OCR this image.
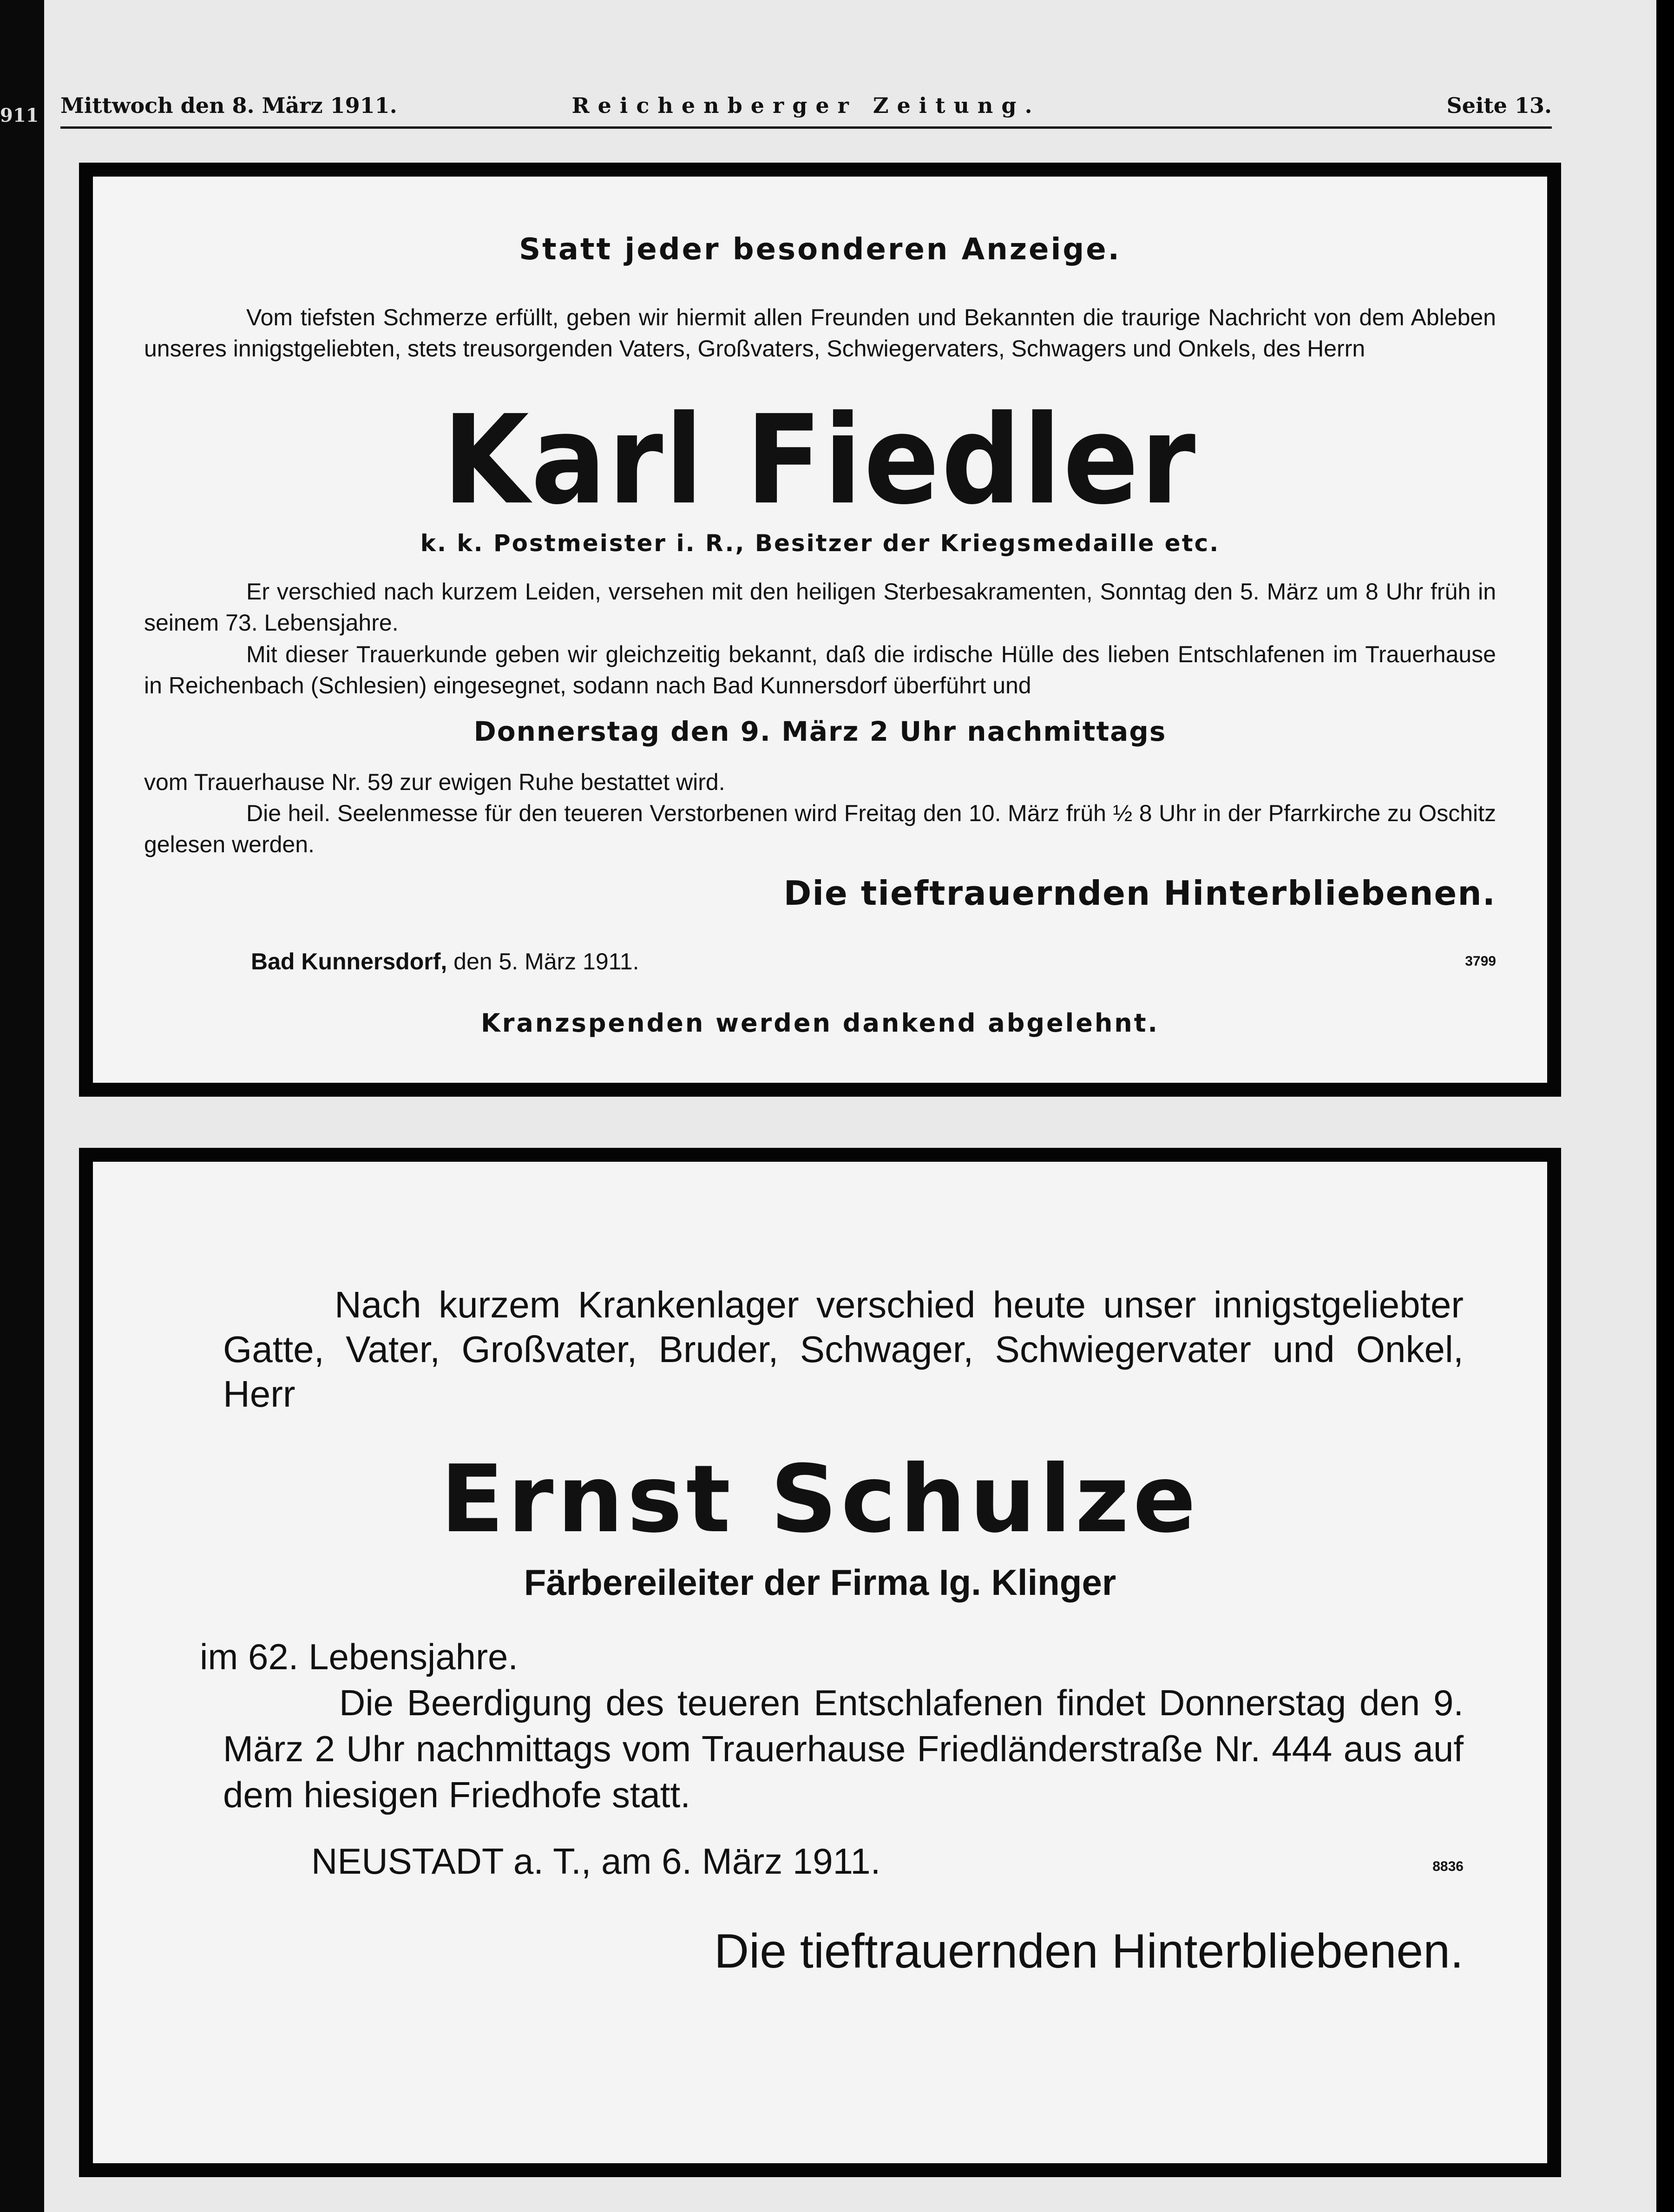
911 Mittwoch den 8. März 1911.	Reichenberger Zeitung.	Seite 13.
Statt jeder besonderen Anzeige.

Vom tiefsten Schmerze erfüllt, geben wir hiermit allen Freunden und Bekannten die traurige Nachricht von dem Ableben unseres innigstgeliebten, stets treusorgenden Vaters, Großvaters, Schwiegervaters, Schwagers und Onkels, des Herrn

Karl Fiedler
k. k. Postmeister i. R., Besitzer der Kriegsmedaille etc.

Er verschied nach kurzem Leiden, versehen mit den heiligen Sterbesakramenten, Sonntag den 5. März um 8 Uhr früh in seinem 73. Lebensjahre.

Mit dieser Trauerkunde geben wir gleichzeitig bekannt, daß die irdische Hülle des lieben Entschlafenen im Trauerhause in Reichenbach (Schlesien) eingesegnet, sodann nach Bad Kunnersdorf überführt und

Donnerstag den 9. März 2 Uhr nachmittags

vom Trauerhause Nr. 59 zur ewigen Ruhe bestattet wird.

Die heil. Seelenmesse für den teueren Verstorbenen wird Freitag den 10. März früh ½ 8 Uhr in der Pfarrkirche zu Oschitz gelesen werden.

Die tieftrauernden Hinterbliebenen.
Bad Kunnersdorf, den 5. März 1911.	3799
Kranzspenden werden dankend abgelehnt.

Nach kurzem Krankenlager verschied heute unser innigstgeliebter Gatte, Vater, Großvater, Bruder, Schwager, Schwiegervater und Onkel, Herr

Ernst Schulze
Färbereileiter der Firma Ig. Klinger
im 62. Lebensjahre.

Die Beerdigung des teueren Entschlafenen findet Donnerstag den 9. März 2 Uhr nachmittags vom Trauerhause Friedländerstraße Nr. 444 aus auf dem hiesigen Friedhofe statt.

NEUSTADT a. T., am 6. März 1911.	8836
Die tieftrauernden Hinterbliebenen.
